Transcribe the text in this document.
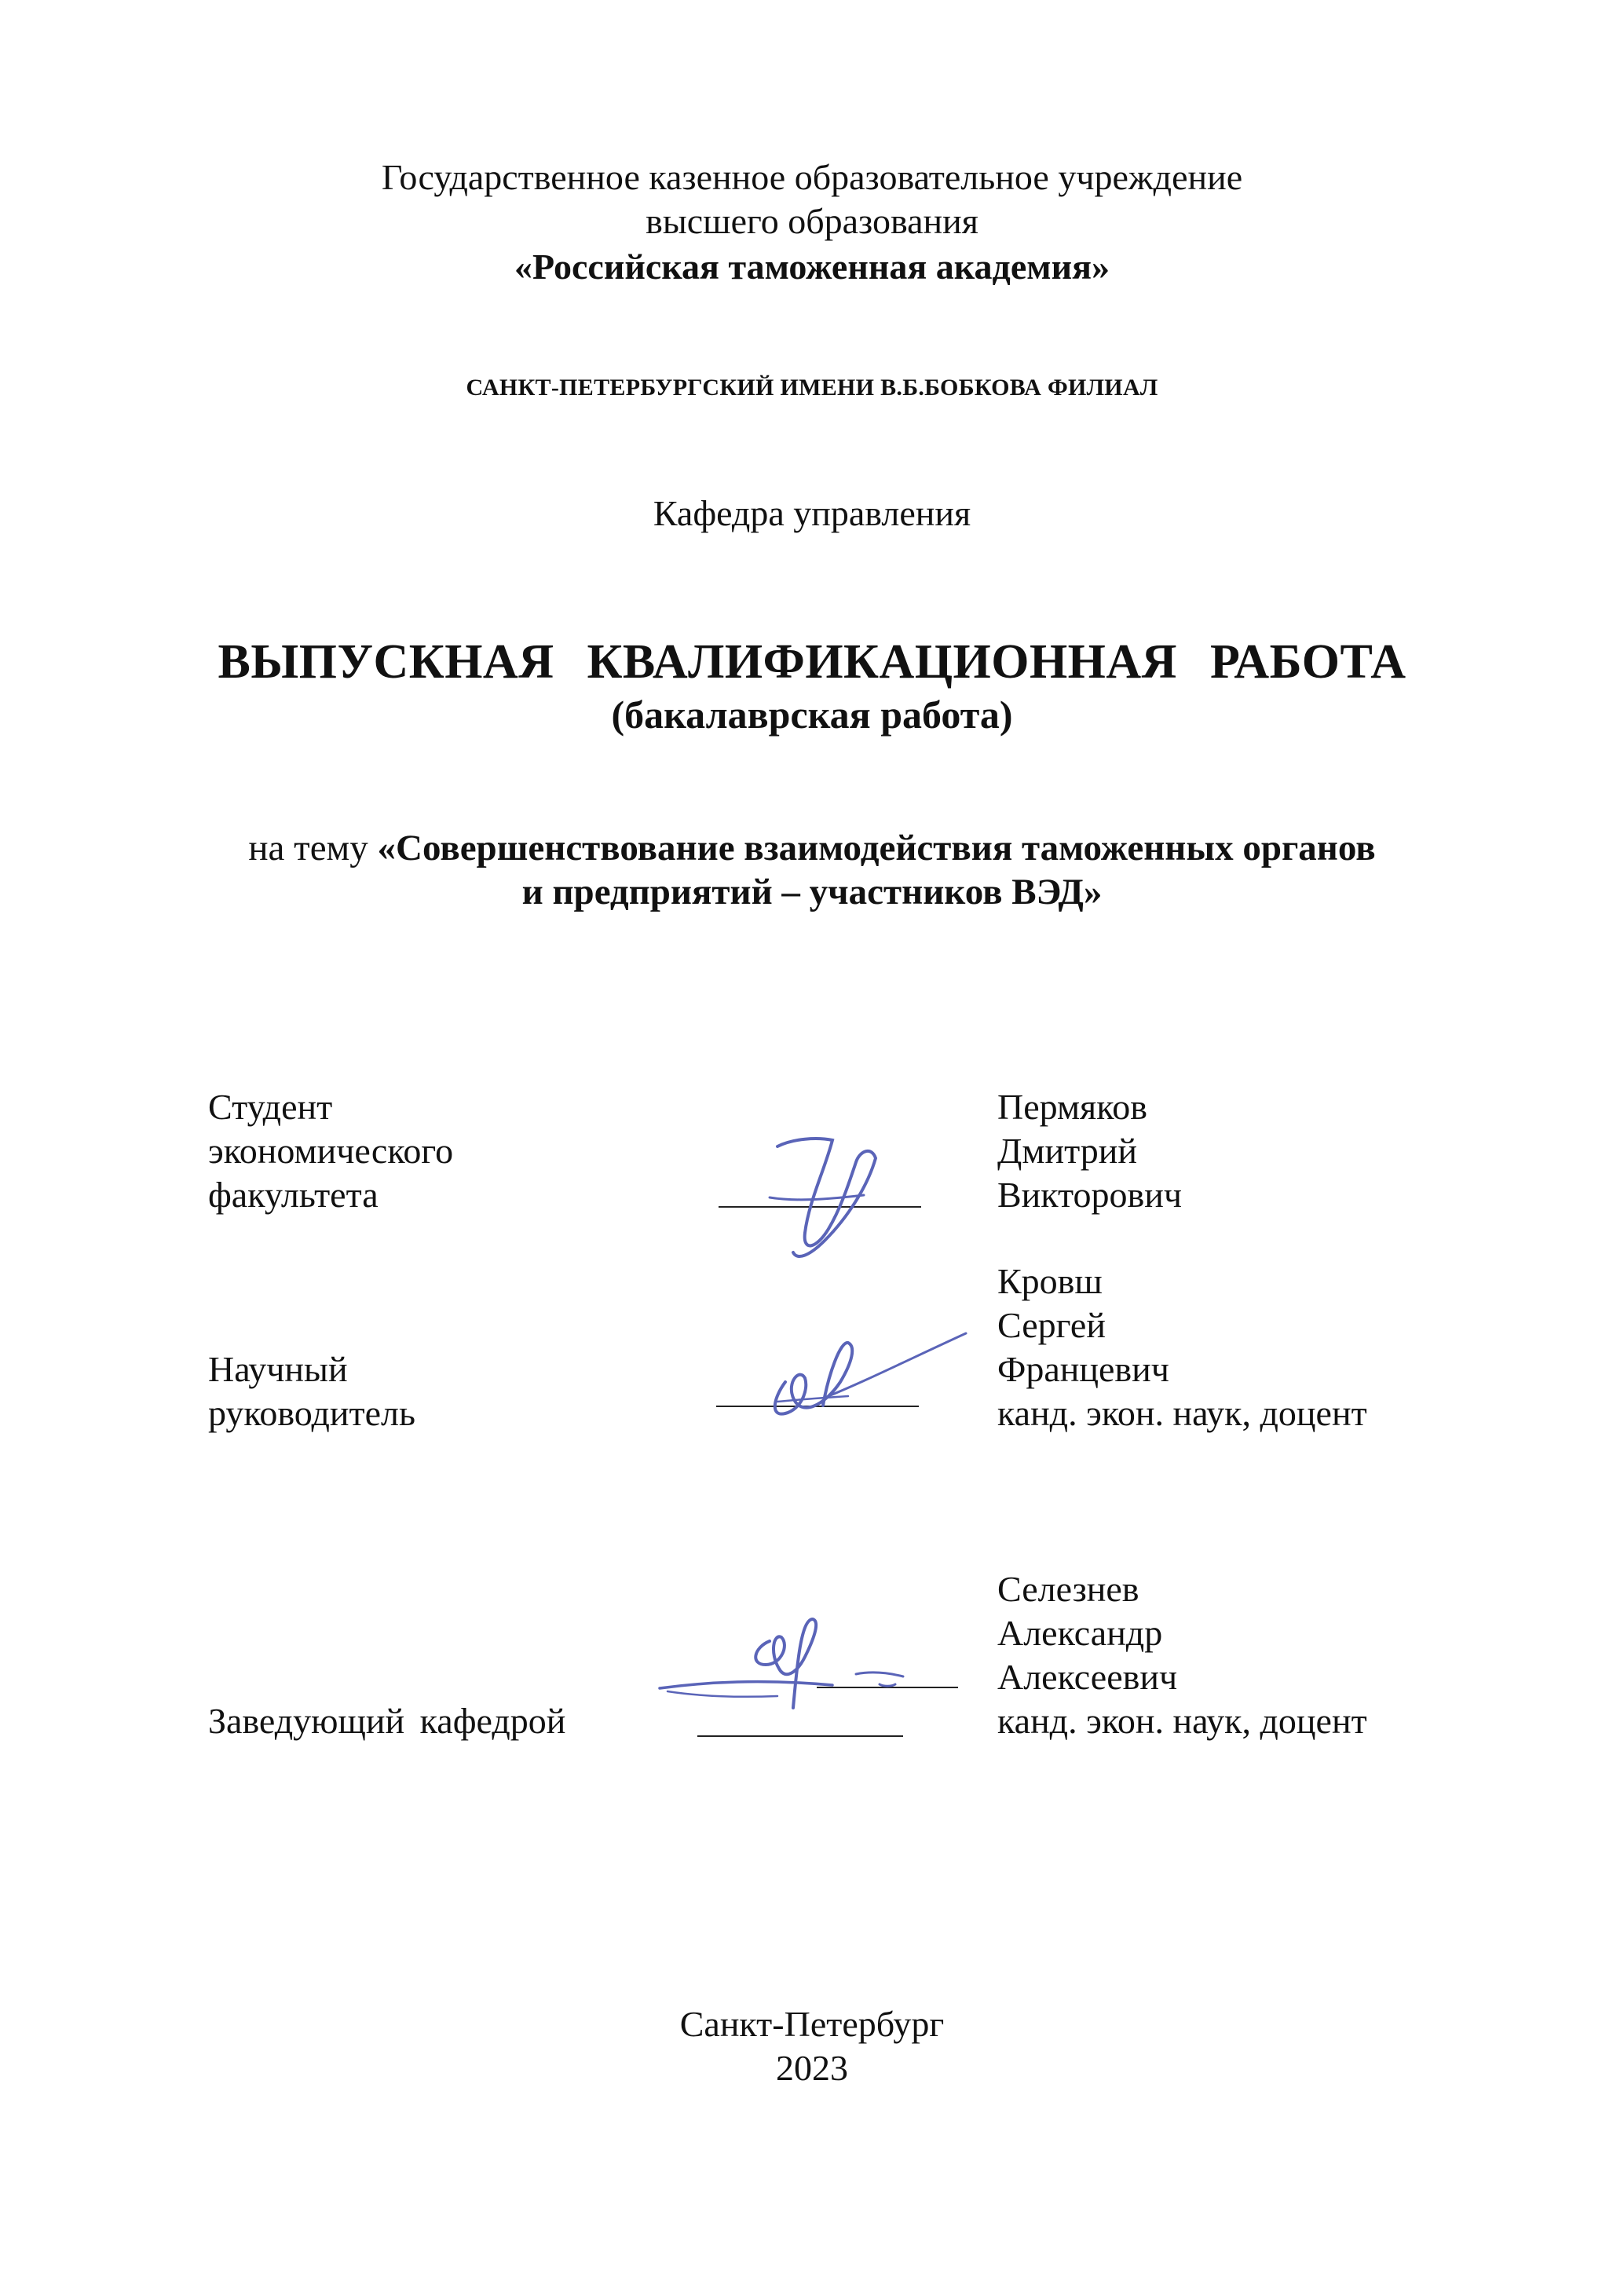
Государственное казенное образовательное учреждение
высшего образования
«Российская таможенная академия»
САНКТ-ПЕТЕРБУРГСКИЙ ИМЕНИ В.Б.БОБКОВА ФИЛИАЛ
Кафедра управления
ВЫПУСКНАЯ КВАЛИФИКАЦИОННАЯ РАБОТА
(бакалаврская работа)
на тему «Совершенствование взаимодействия таможенных органов
и предприятий – участников ВЭД»
Студент
экономического
факультета
Пермяков
Дмитрий
Викторович
Кровш
Сергей
Францевич
канд. экон. наук, доцент
Научный
руководитель
Селезнев
Александр
Алексеевич
канд. экон. наук, доцент
Заведующий кафедрой
Санкт-Петербург
2023
